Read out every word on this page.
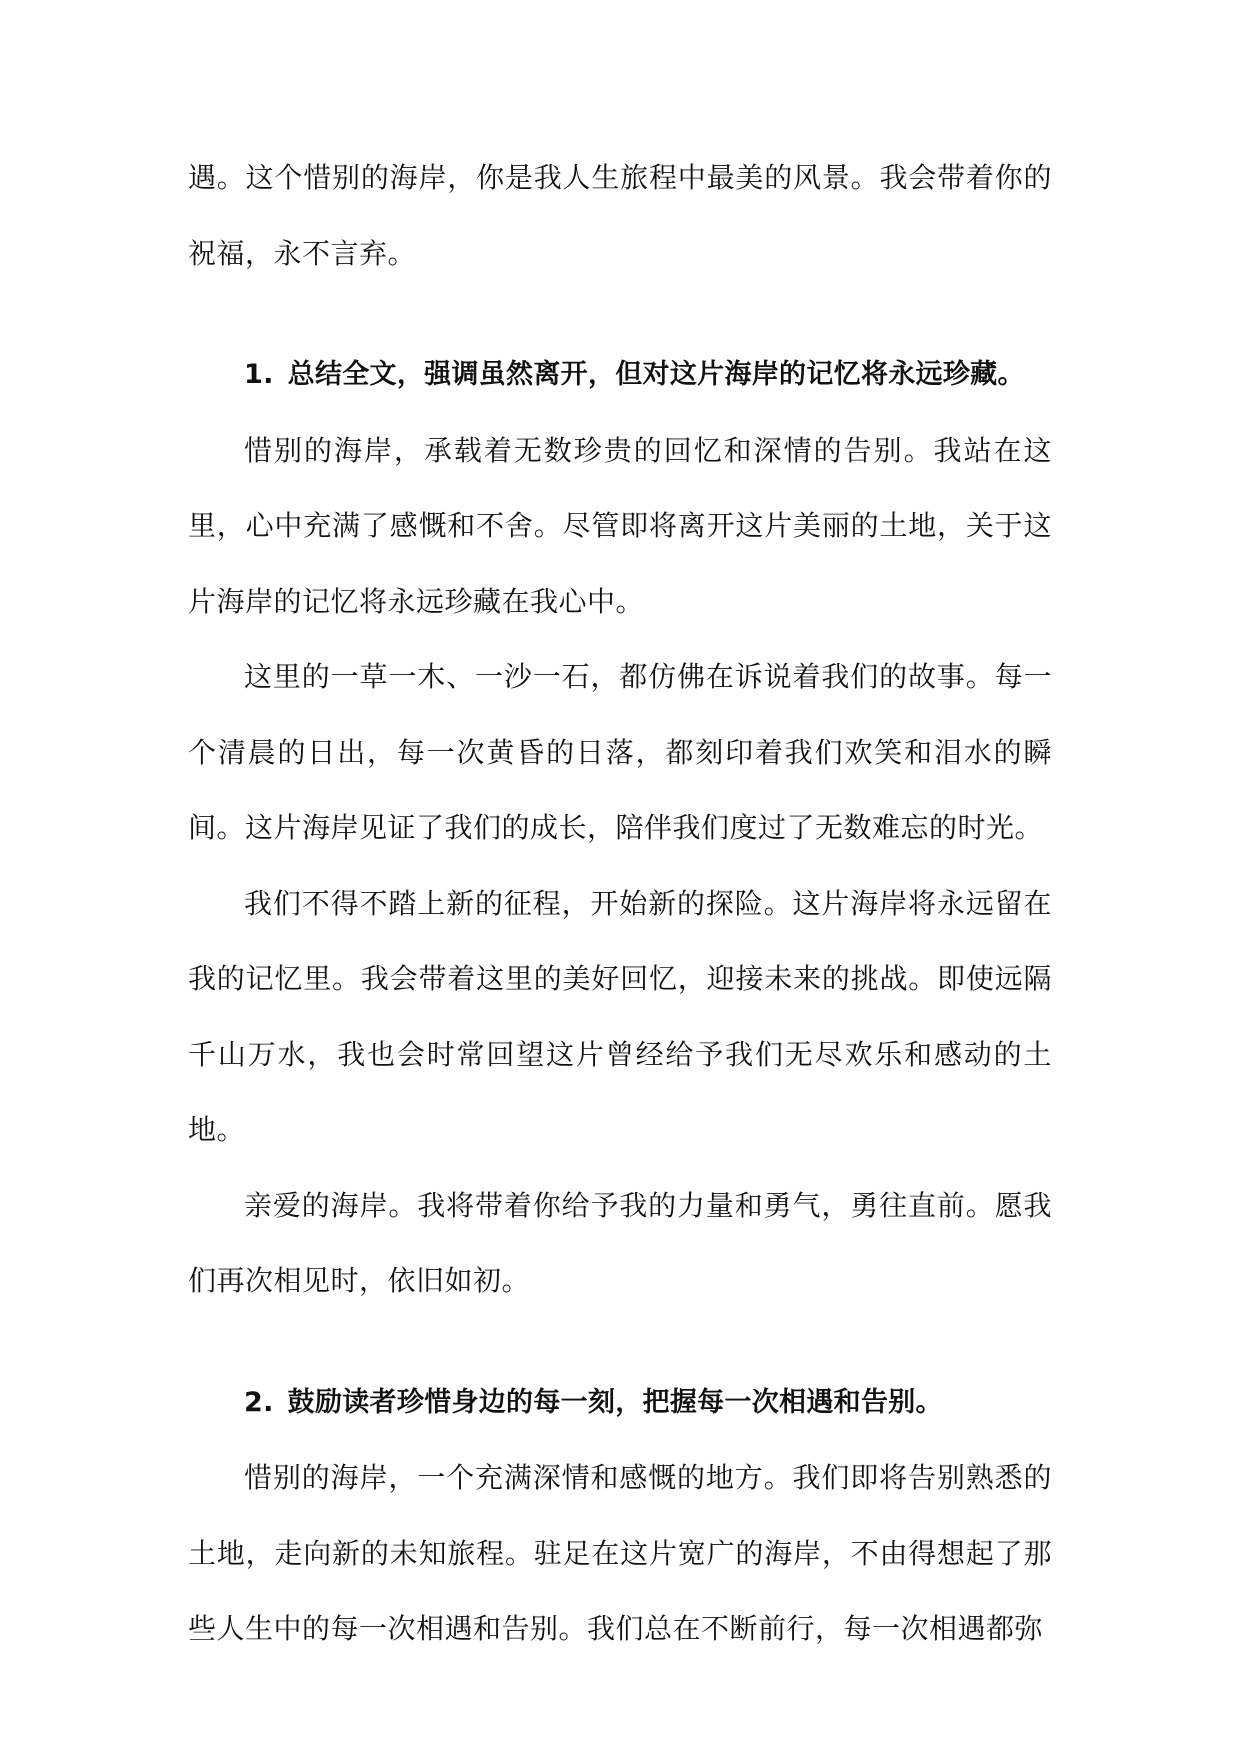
遇。这个惜别的海岸，你是我人生旅程中最美的风景。我会带着你的祝福，永不言弃。

1. 总结全文，强调虽然离开，但对这片海岸的记忆将永远珍藏。

惜别的海岸，承载着无数珍贵的回忆和深情的告别。我站在这里，心中充满了感慨和不舍。尽管即将离开这片美丽的土地，关于这片海岸的记忆将永远珍藏在我心中。

这里的一草一木、一沙一石，都仿佛在诉说着我们的故事。每一个清晨的日出，每一次黄昏的日落，都刻印着我们欢笑和泪水的瞬间。这片海岸见证了我们的成长，陪伴我们度过了无数难忘的时光。

我们不得不踏上新的征程，开始新的探险。这片海岸将永远留在我的记忆里。我会带着这里的美好回忆，迎接未来的挑战。即使远隔千山万水，我也会时常回望这片曾经给予我们无尽欢乐和感动的土地。

亲爱的海岸。我将带着你给予我的力量和勇气，勇往直前。愿我们再次相见时，依旧如初。

2. 鼓励读者珍惜身边的每一刻，把握每一次相遇和告别。

惜别的海岸，一个充满深情和感慨的地方。我们即将告别熟悉的土地，走向新的未知旅程。驻足在这片宽广的海岸，不由得想起了那些人生中的每一次相遇和告别。我们总在不断前行，每一次相遇都弥
